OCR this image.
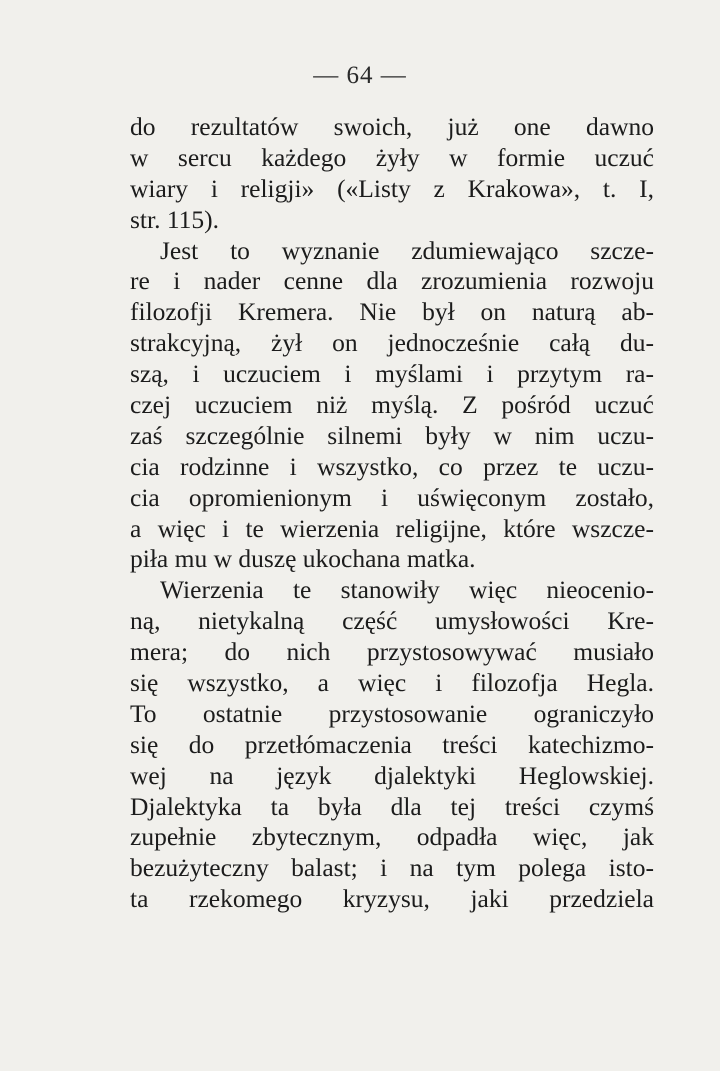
— 64 —
do rezultatów swoich, już one dawno
w sercu każdego żyły w formie uczuć
wiary i religji» («Listy z Krakowa», t. I,
str. 115).
Jest to wyznanie zdumiewająco szcze-
re i nader cenne dla zrozumienia rozwoju
filozofji Kremera. Nie był on naturą ab-
strakcyjną, żył on jednocześnie całą du-
szą, i uczuciem i myślami i przytym ra-
czej uczuciem niż myślą. Z pośród uczuć
zaś szczególnie silnemi były w nim uczu-
cia rodzinne i wszystko, co przez te uczu-
cia opromienionym i uświęconym zostało,
a więc i te wierzenia religijne, które wszcze-
piła mu w duszę ukochana matka.
Wierzenia te stanowiły więc nieocenio-
ną, nietykalną część umysłowości Kre-
mera; do nich przystosowywać musiało
się wszystko, a więc i filozofja Hegla.
To ostatnie przystosowanie ograniczyło
się do przetłómaczenia treści katechizmo-
wej na język djalektyki Heglowskiej.
Djalektyka ta była dla tej treści czymś
zupełnie zbytecznym, odpadła więc, jak
bezużyteczny balast; i na tym polega isto-
ta rzekomego kryzysu, jaki przedziela
